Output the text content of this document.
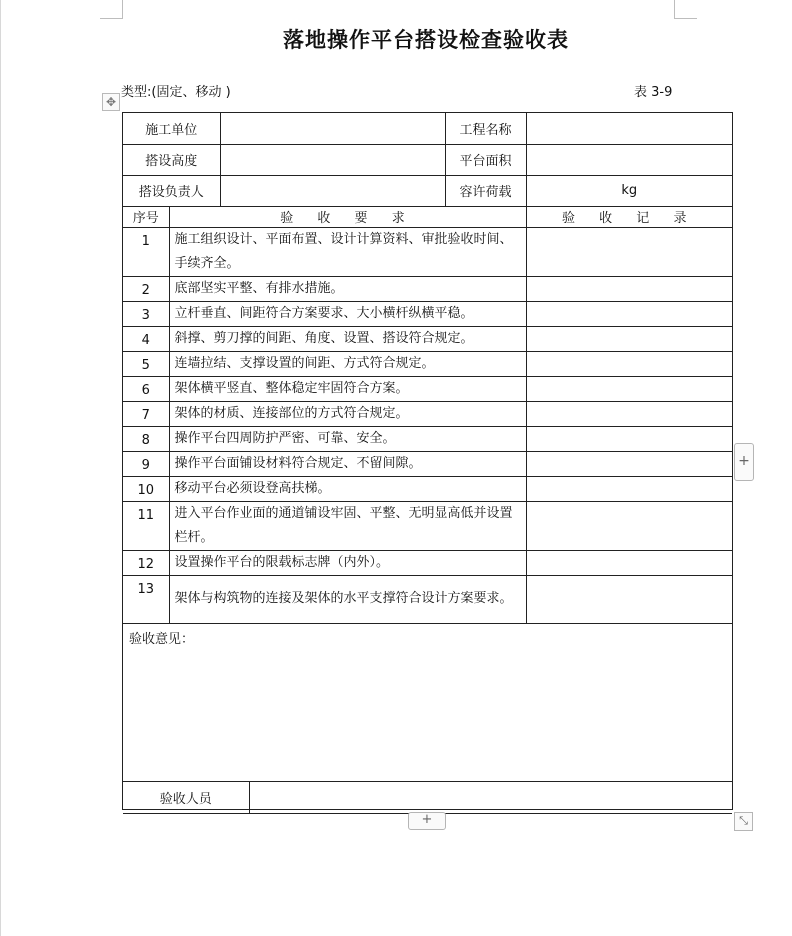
落地操作平台搭设检查验收表
类型:(固定、移动 )	表 3-9
✥
施工单位		工程名称	
搭设高度		平台面积	
搭设负责人		容许荷载	kg
序号	验 收 要 求	验 收 记 录
1	施工组织设计、平面布置、设计计算资料、审批验收时间、手续齐全。	
2	底部坚实平整、有排水措施。	
3	立杆垂直、间距符合方案要求、大小横杆纵横平稳。	
4	斜撑、剪刀撑的间距、角度、设置、搭设符合规定。	
5	连墙拉结、支撑设置的间距、方式符合规定。	
6	架体横平竖直、整体稳定牢固符合方案。	
7	架体的材质、连接部位的方式符合规定。	
8	操作平台四周防护严密、可靠、安全。	
9	操作平台面铺设材料符合规定、不留间隙。	
10	移动平台必须设登高扶梯。	
11	进入平台作业面的通道铺设牢固、平整、无明显高低并设置栏杆。	
12	设置操作平台的限载标志牌（内外）。	
13	架体与构筑物的连接及架体的水平支撑符合设计方案要求。	
验收意见：

验收人员	
+
+	⤡
